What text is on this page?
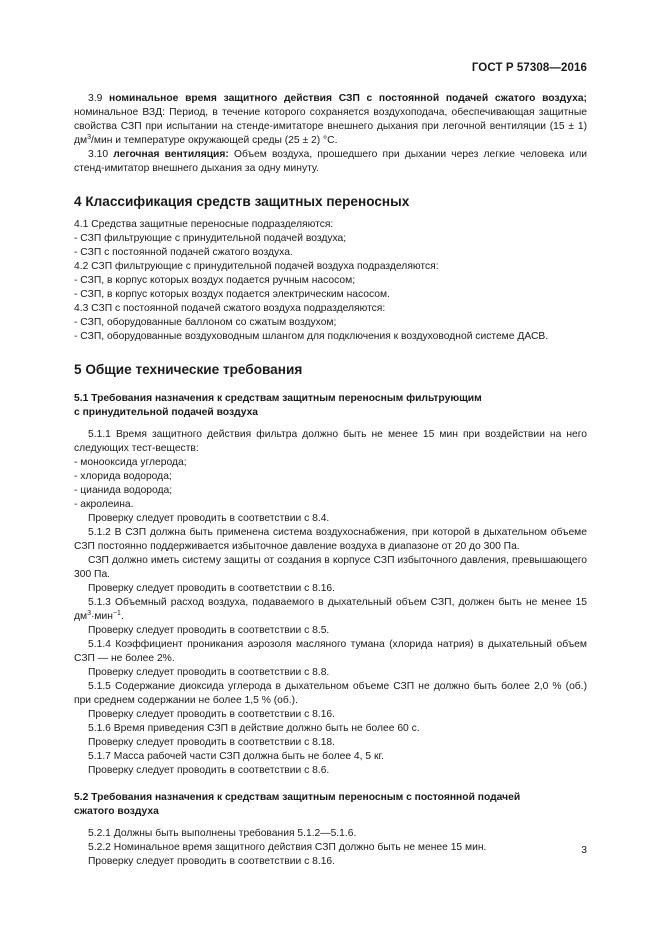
ГОСТ Р 57308—2016

3.9 номинальное время защитного действия СЗП с постоянной подачей сжатого воздуха; номинальное ВЗД: Период, в течение которого сохраняется воздухоподача, обеспечивающая защитные свойства СЗП при испытании на стенде-имитаторе внешнего дыхания при легочной вентиляции (15 ± 1) $дм^3$/мин и температуре окружающей среды (25 ± 2) °С.

3.10 легочная вентиляция: Объем воздуха, прошедшего при дыхании через легкие человека или стенд-имитатор внешнего дыхания за одну минуту.

4 Классификация средств защитных переносных
4.1 Средства защитные переносные подразделяются:
- СЗП фильтрующие с принудительной подачей воздуха;
- СЗП с постоянной подачей сжатого воздуха.
4.2 СЗП фильтрующие с принудительной подачей воздуха подразделяются:
- СЗП, в корпус которых воздух подается ручным насосом;
- СЗП, в корпус которых воздух подается электрическим насосом.
4.3 СЗП с постоянной подачей сжатого воздуха подразделяются:
- СЗП, оборудованные баллоном со сжатым воздухом;
- СЗП, оборудованные воздуховодным шлангом для подключения к воздуховодной системе ДАСВ.
5 Общие технические требования
5.1 Требования назначения к средствам защитным переносным фильтрующим
с принудительной подачей воздуха

5.1.1 Время защитного действия фильтра должно быть не менее 15 мин при воздействии на него следующих тест-веществ:

- монооксида углерода;
- хлорида водорода;
- цианида водорода;
- акролеина.

Проверку следует проводить в соответствии с 8.4.

5.1.2 В СЗП должна быть применена система воздухоснабжения, при которой в дыхательном объеме СЗП постоянно поддерживается избыточное давление воздуха в диапазоне от 20 до 300 Па.

СЗП должно иметь систему защиты от создания в корпусе СЗП избыточного давления, превышающего 300 Па.

Проверку следует проводить в соответствии с 8.16.

5.1.3 Объемный расход воздуха, подаваемого в дыхательный объем СЗП, должен быть не менее 15 $дм^3\cdot мин^{-1}$.

Проверку следует проводить в соответствии с 8.5.

5.1.4 Коэффициент проникания аэрозоля масляного тумана (хлорида натрия) в дыхательный объем СЗП — не более 2%.

Проверку следует проводить в соответствии с 8.8.

5.1.5 Содержание диоксида углерода в дыхательном объеме СЗП не должно быть более 2,0 % (об.) при среднем содержании не более 1,5 % (об.).

Проверку следует проводить в соответствии с 8.16.

5.1.6 Время приведения СЗП в действие должно быть не более 60 с.

Проверку следует проводить в соответствии с 8.18.

5.1.7 Масса рабочей части СЗП должна быть не более 4, 5 кг.

Проверку следует проводить в соответствии с 8.6.

5.2 Требования назначения к средствам защитным переносным с постоянной подачей
сжатого воздуха

5.2.1 Должны быть выполнены требования 5.1.2—5.1.6.

5.2.2 Номинальное время защитного действия СЗП должно быть не менее 15 мин.

Проверку следует проводить в соответствии с 8.16.

3
